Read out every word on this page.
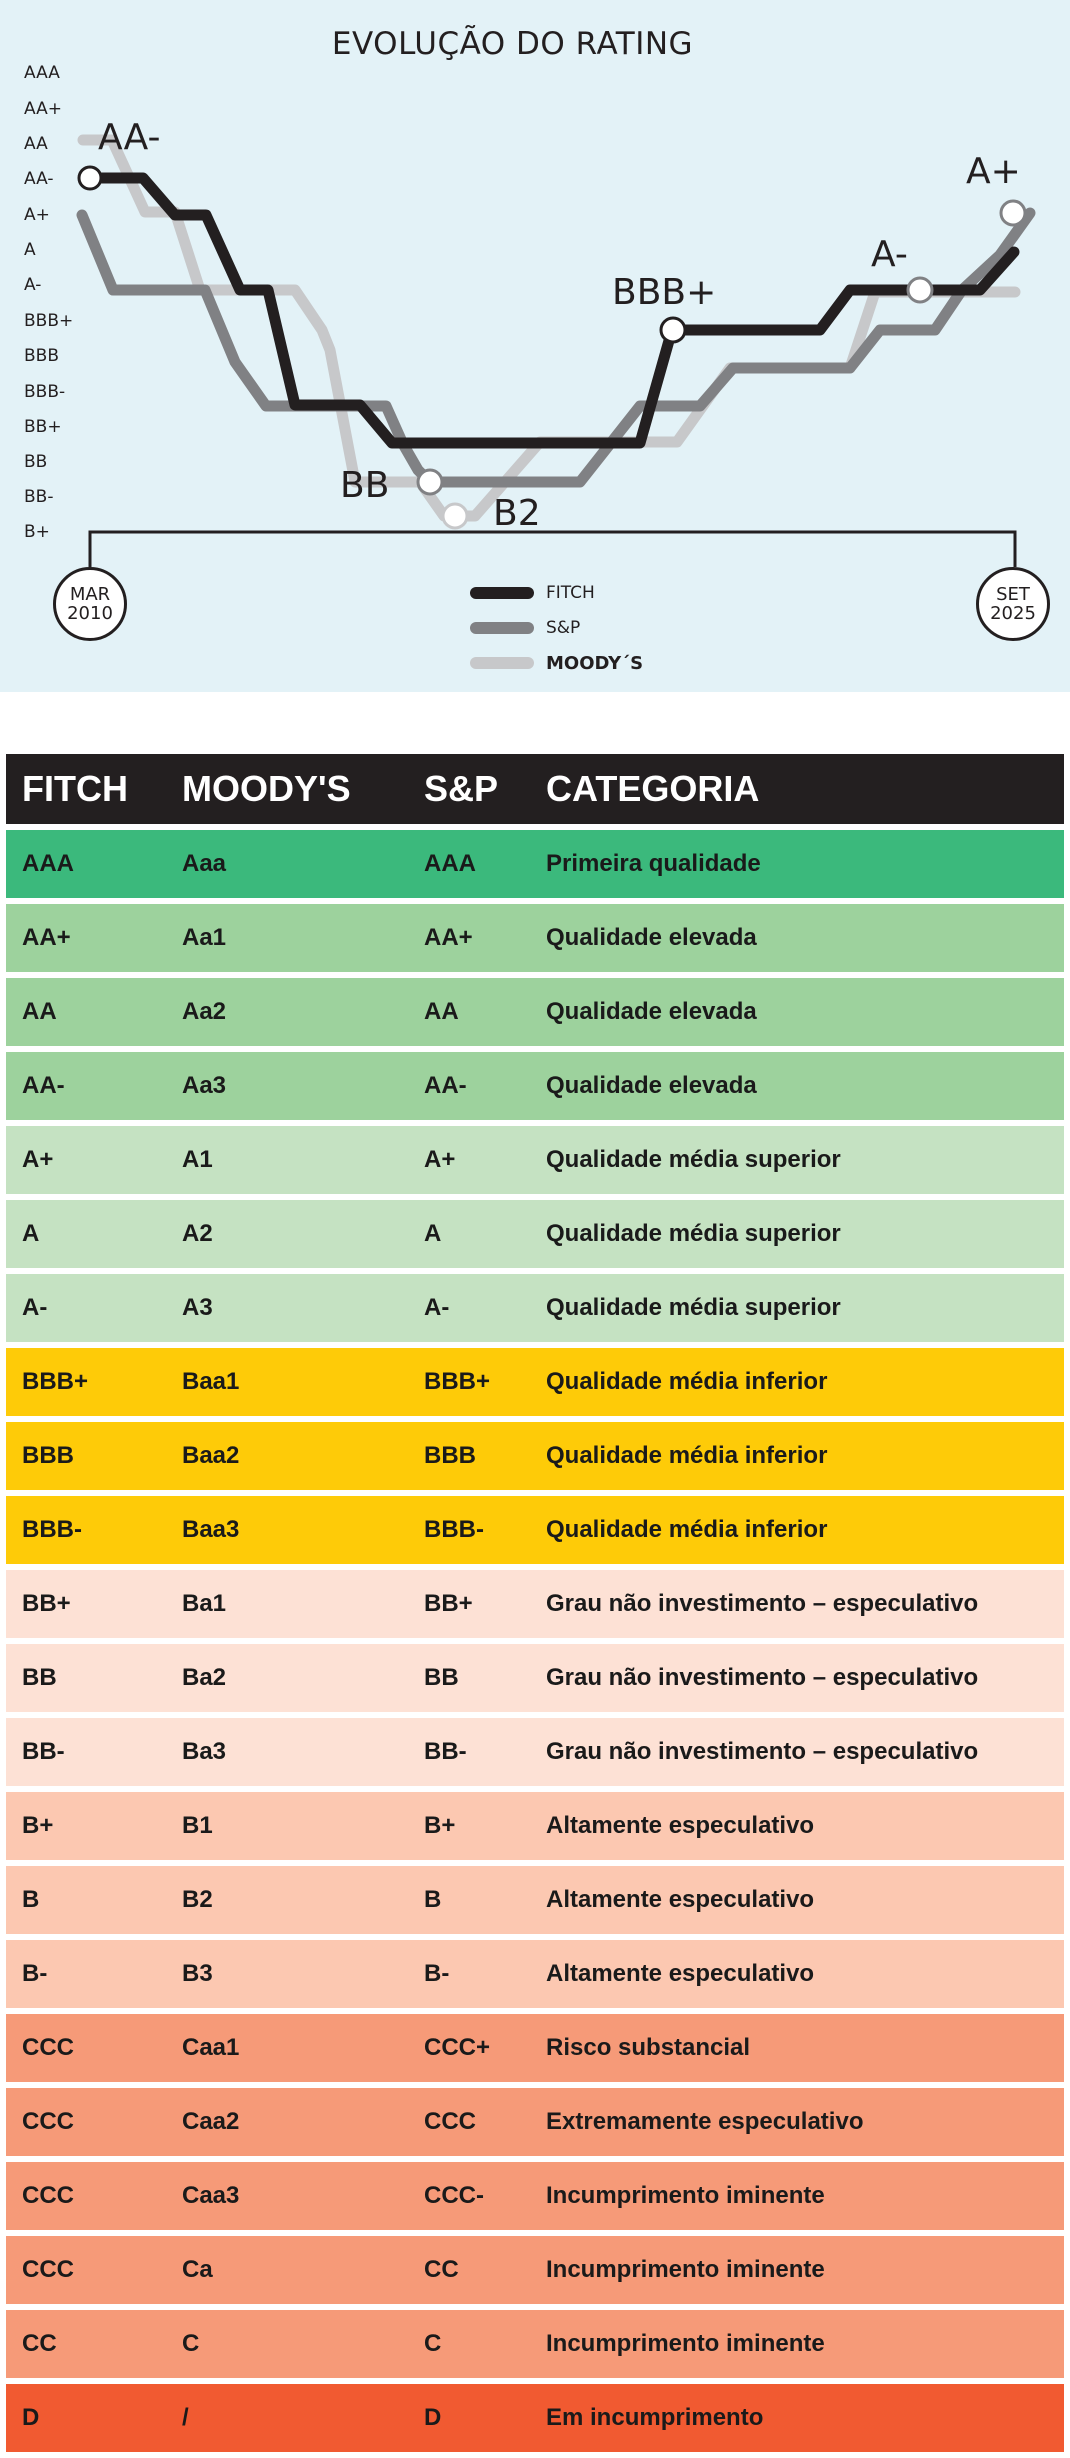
EVOLUÇÃO DO RATING
AAA
AA+
AA
AA-
A+
A
A-
BBB+
BBB
BBB-
BB+
BB
BB-
B+
AA-
BB
B2
BBB+
A-
A+
MAR
2010
SET
2025
FITCH
S&P
MOODY´S
FITCH	MOODY'S	S&P	CATEGORIA
AAA	Aaa	AAA	Primeira qualidade
AA+	Aa1	AA+	Qualidade elevada
AA	Aa2	AA	Qualidade elevada
AA-	Aa3	AA-	Qualidade elevada
A+	A1	A+	Qualidade média superior
A	A2	A	Qualidade média superior
A-	A3	A-	Qualidade média superior
BBB+	Baa1	BBB+	Qualidade média inferior
BBB	Baa2	BBB	Qualidade média inferior
BBB-	Baa3	BBB-	Qualidade média inferior
BB+	Ba1	BB+	Grau não investimento – especulativo
BB	Ba2	BB	Grau não investimento – especulativo
BB-	Ba3	BB-	Grau não investimento – especulativo
B+	B1	B+	Altamente especulativo
B	B2	B	Altamente especulativo
B-	B3	B-	Altamente especulativo
CCC	Caa1	CCC+	Risco substancial
CCC	Caa2	CCC	Extremamente especulativo
CCC	Caa3	CCC-	Incumprimento iminente
CCC	Ca	CC	Incumprimento iminente
CC	C	C	Incumprimento iminente
D	/	D	Em incumprimento
